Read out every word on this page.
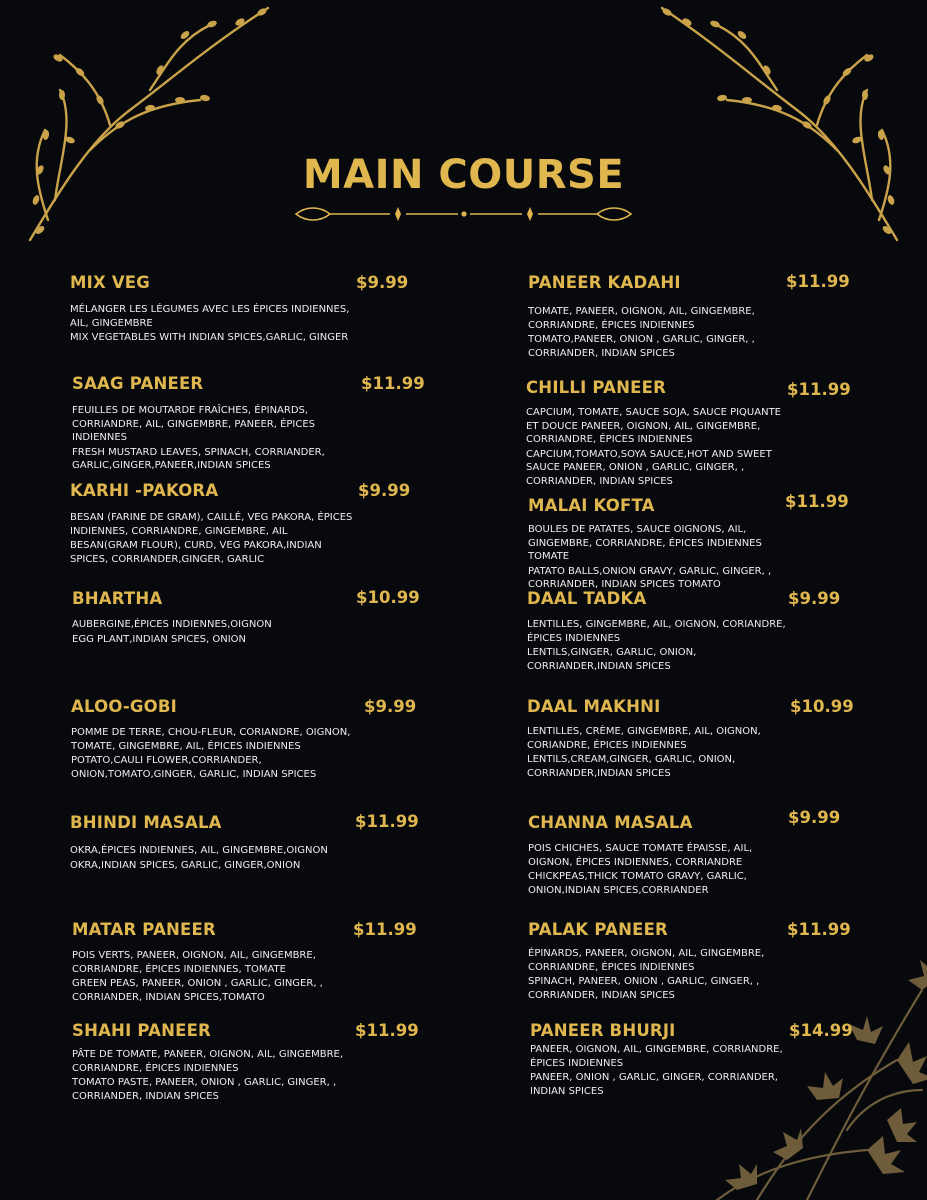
MAIN COURSE
MIX VEG	$9.99
MÉLANGER LES LÉGUMES AVEC LES ÉPICES INDIENNES, AIL, GINGEMBRE
MIX VEGETABLES WITH INDIAN SPICES,GARLIC, GINGER
SAAG PANEER	$11.99
FEUILLES DE MOUTARDE FRAÎCHES, ÉPINARDS, CORRIANDRE, AIL, GINGEMBRE, PANEER, ÉPICES INDIENNES
FRESH MUSTARD LEAVES, SPINACH, CORRIANDER, GARLIC,GINGER,PANEER,INDIAN SPICES
KARHI -PAKORA	$9.99
BESAN (FARINE DE GRAM), CAILLÉ, VEG PAKORA, ÉPICES INDIENNES, CORRIANDRE, GINGEMBRE, AIL
BESAN(GRAM FLOUR), CURD, VEG PAKORA,INDIAN SPICES, CORRIANDER,GINGER, GARLIC
BHARTHA	$10.99
AUBERGINE,ÉPICES INDIENNES,OIGNON
EGG PLANT,INDIAN SPICES, ONION
ALOO-GOBI	$9.99
POMME DE TERRE, CHOU-FLEUR, CORIANDRE, OIGNON, TOMATE, GINGEMBRE, AIL, ÉPICES INDIENNES
POTATO,CAULI FLOWER,CORRIANDER, ONION,TOMATO,GINGER, GARLIC, INDIAN SPICES
BHINDI MASALA	$11.99
OKRA,ÉPICES INDIENNES, AIL, GINGEMBRE,OIGNON
OKRA,INDIAN SPICES, GARLIC, GINGER,ONION
MATAR PANEER	$11.99
POIS VERTS, PANEER, OIGNON, AIL, GINGEMBRE, CORRIANDRE, ÉPICES INDIENNES, TOMATE
GREEN PEAS, PANEER, ONION , GARLIC, GINGER, , CORRIANDER, INDIAN SPICES,TOMATO
SHAHI PANEER	$11.99
PÂTE DE TOMATE, PANEER, OIGNON, AIL, GINGEMBRE, CORRIANDRE, ÉPICES INDIENNES
TOMATO PASTE, PANEER, ONION , GARLIC, GINGER, , CORRIANDER, INDIAN SPICES
PANEER KADAHI	$11.99
TOMATE, PANEER, OIGNON, AIL, GINGEMBRE, CORRIANDRE, ÉPICES INDIENNES
TOMATO,PANEER, ONION , GARLIC, GINGER, , CORRIANDER, INDIAN SPICES
CHILLI PANEER	$11.99
CAPCIUM, TOMATE, SAUCE SOJA, SAUCE PIQUANTE ET DOUCE PANEER, OIGNON, AIL, GINGEMBRE, CORRIANDRE, ÉPICES INDIENNES
CAPCIUM,TOMATO,SOYA SAUCE,HOT AND SWEET SAUCE PANEER, ONION , GARLIC, GINGER, , CORRIANDER, INDIAN SPICES
MALAI KOFTA	$11.99
BOULES DE PATATES, SAUCE OIGNONS, AIL, GINGEMBRE, CORRIANDRE, ÉPICES INDIENNES TOMATE
PATATO BALLS,ONION GRAVY, GARLIC, GINGER, , CORRIANDER, INDIAN SPICES TOMATO
DAAL TADKA	$9.99
LENTILLES, GINGEMBRE, AIL, OIGNON, CORIANDRE, ÉPICES INDIENNES
LENTILS,GINGER, GARLIC, ONION, CORRIANDER,INDIAN SPICES
DAAL MAKHNI	$10.99
LENTILLES, CRÈME, GINGEMBRE, AIL, OIGNON, CORIANDRE, ÉPICES INDIENNES
LENTILS,CREAM,GINGER, GARLIC, ONION, CORRIANDER,INDIAN SPICES
CHANNA MASALA	$9.99
POIS CHICHES, SAUCE TOMATE ÉPAISSE, AIL, OIGNON, ÉPICES INDIENNES, CORRIANDRE
CHICKPEAS,THICK TOMATO GRAVY, GARLIC, ONION,INDIAN SPICES,CORRIANDER
PALAK PANEER	$11.99
ÉPINARDS, PANEER, OIGNON, AIL, GINGEMBRE, CORRIANDRE, ÉPICES INDIENNES
SPINACH, PANEER, ONION , GARLIC, GINGER, , CORRIANDER, INDIAN SPICES
PANEER BHURJI	$14.99
PANEER, OIGNON, AIL, GINGEMBRE, CORRIANDRE, ÉPICES INDIENNES
PANEER, ONION , GARLIC, GINGER, CORRIANDER, INDIAN SPICES
